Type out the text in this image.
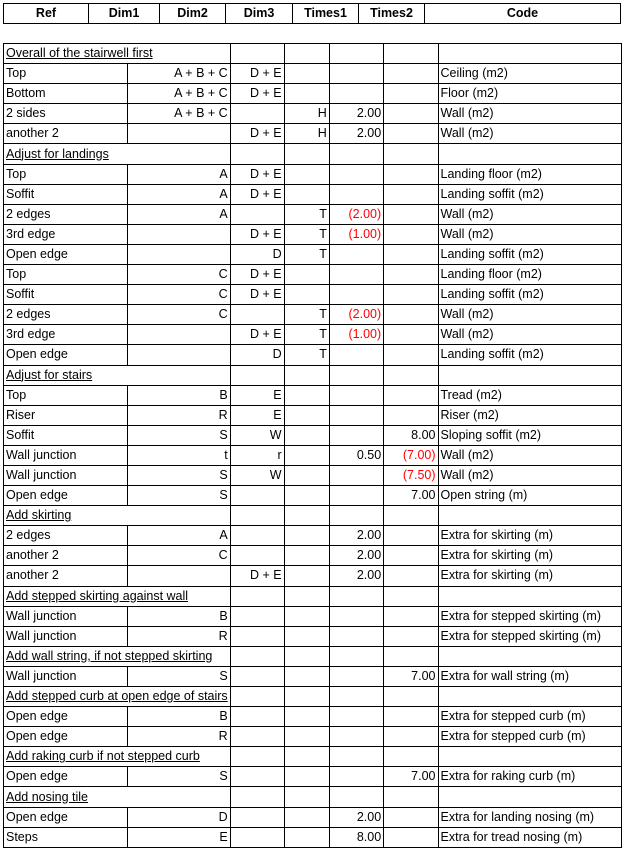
Ref	Dim1	Dim2	Dim3	Times1	Times2	Code
Overall of the stairwell first						
Top	A + B + C	D + E				Ceiling (m2)
Bottom	A + B + C	D + E				Floor (m2)
2 sides	A + B + C		H	2.00		Wall (m2)
another 2		D + E	H	2.00		Wall (m2)
Adjust for landings						
Top	A	D + E				Landing floor (m2)
Soffit	A	D + E				Landing soffit (m2)
2 edges	A		T	(2.00)		Wall (m2)
3rd edge		D + E	T	(1.00)		Wall (m2)
Open edge		D	T			Landing soffit (m2)
Top	C	D + E				Landing floor (m2)
Soffit	C	D + E				Landing soffit (m2)
2 edges	C		T	(2.00)		Wall (m2)
3rd edge		D + E	T	(1.00)		Wall (m2)
Open edge		D	T			Landing soffit (m2)
Adjust for stairs						
Top	B	E				Tread (m2)
Riser	R	E				Riser (m2)
Soffit	S	W			8.00	Sloping soffit (m2)
Wall junction	t	r		0.50	(7.00)	Wall (m2)
Wall junction	S	W			(7.50)	Wall (m2)
Open edge	S				7.00	Open string (m)
Add skirting						
2 edges	A			2.00		Extra for skirting (m)
another 2	C			2.00		Extra for skirting (m)
another 2		D + E		2.00		Extra for skirting (m)
Add stepped skirting against wall						
Wall junction	B					Extra for stepped skirting (m)
Wall junction	R					Extra for stepped skirting (m)
Add wall string, if not stepped skirting						
Wall junction	S				7.00	Extra for wall string (m)
Add stepped curb at open edge of stairs						
Open edge	B					Extra for stepped curb (m)
Open edge	R					Extra for stepped curb (m)
Add raking curb if not stepped curb						
Open edge	S				7.00	Extra for raking curb (m)
Add nosing tile						
Open edge	D			2.00		Extra for landing nosing (m)
Steps	E			8.00		Extra for tread nosing (m)
